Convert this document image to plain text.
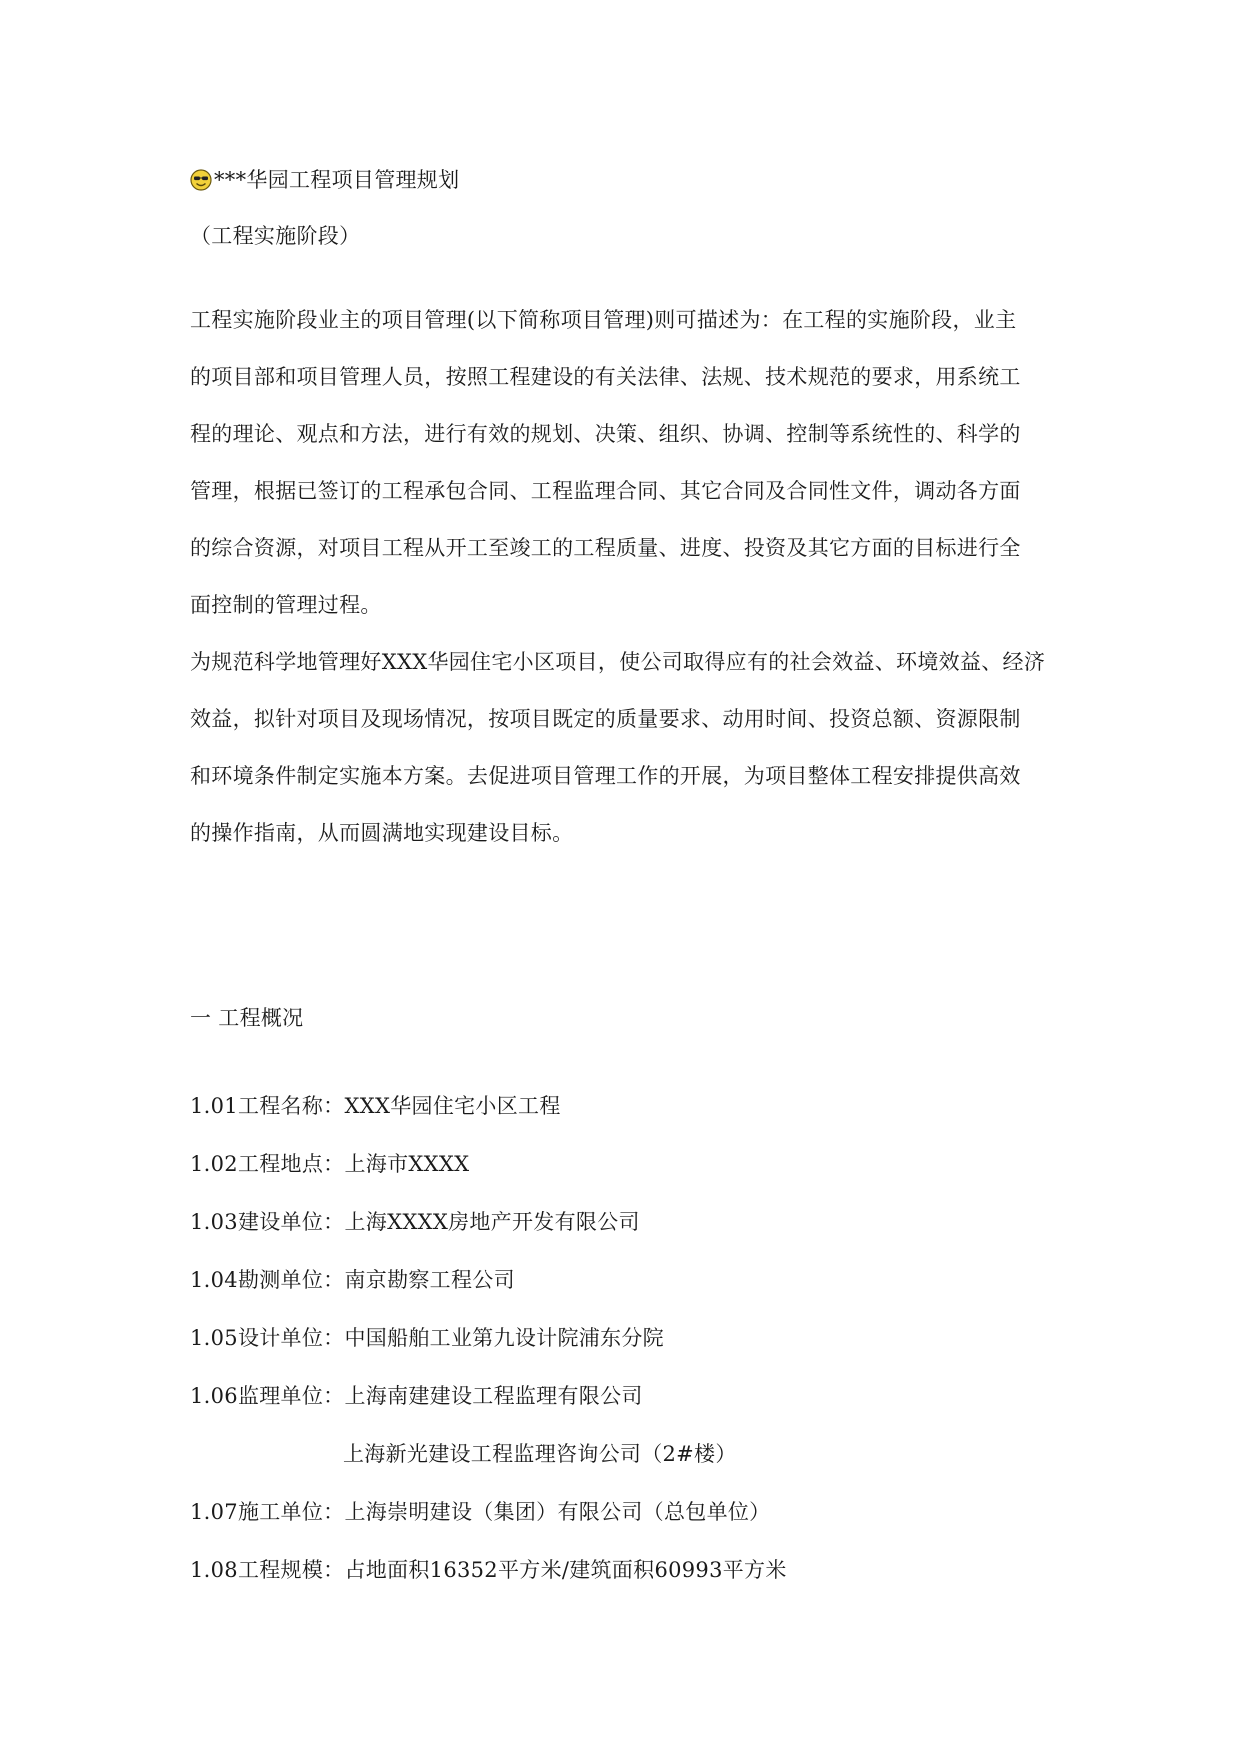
***华园工程项目管理规划
（工程实施阶段）
工程实施阶段业主的项目管理(以下简称项目管理)则可描述为：在工程的实施阶段，业主
的项目部和项目管理人员，按照工程建设的有关法律、法规、技术规范的要求，用系统工
程的理论、观点和方法，进行有效的规划、决策、组织、协调、控制等系统性的、科学的
管理，根据已签订的工程承包合同、工程监理合同、其它合同及合同性文件，调动各方面
的综合资源，对项目工程从开工至竣工的工程质量、进度、投资及其它方面的目标进行全
面控制的管理过程。
为规范科学地管理好XXX华园住宅小区项目，使公司取得应有的社会效益、环境效益、经济
效益，拟针对项目及现场情况，按项目既定的质量要求、动用时间、投资总额、资源限制
和环境条件制定实施本方案。去促进项目管理工作的开展，为项目整体工程安排提供高效
的操作指南，从而圆满地实现建设目标。
一 工程概况
1.01工程名称：XXX华园住宅小区工程
1.02工程地点：上海市XXXX
1.03建设单位：上海XXXX房地产开发有限公司
1.04勘测单位：南京勘察工程公司
1.05设计单位：中国船舶工业第九设计院浦东分院
1.06监理单位：上海南建建设工程监理有限公司
上海新光建设工程监理咨询公司（2#楼）
1.07施工单位：上海崇明建设（集团）有限公司（总包单位）
1.08工程规模：占地面积16352平方米/建筑面积60993平方米
